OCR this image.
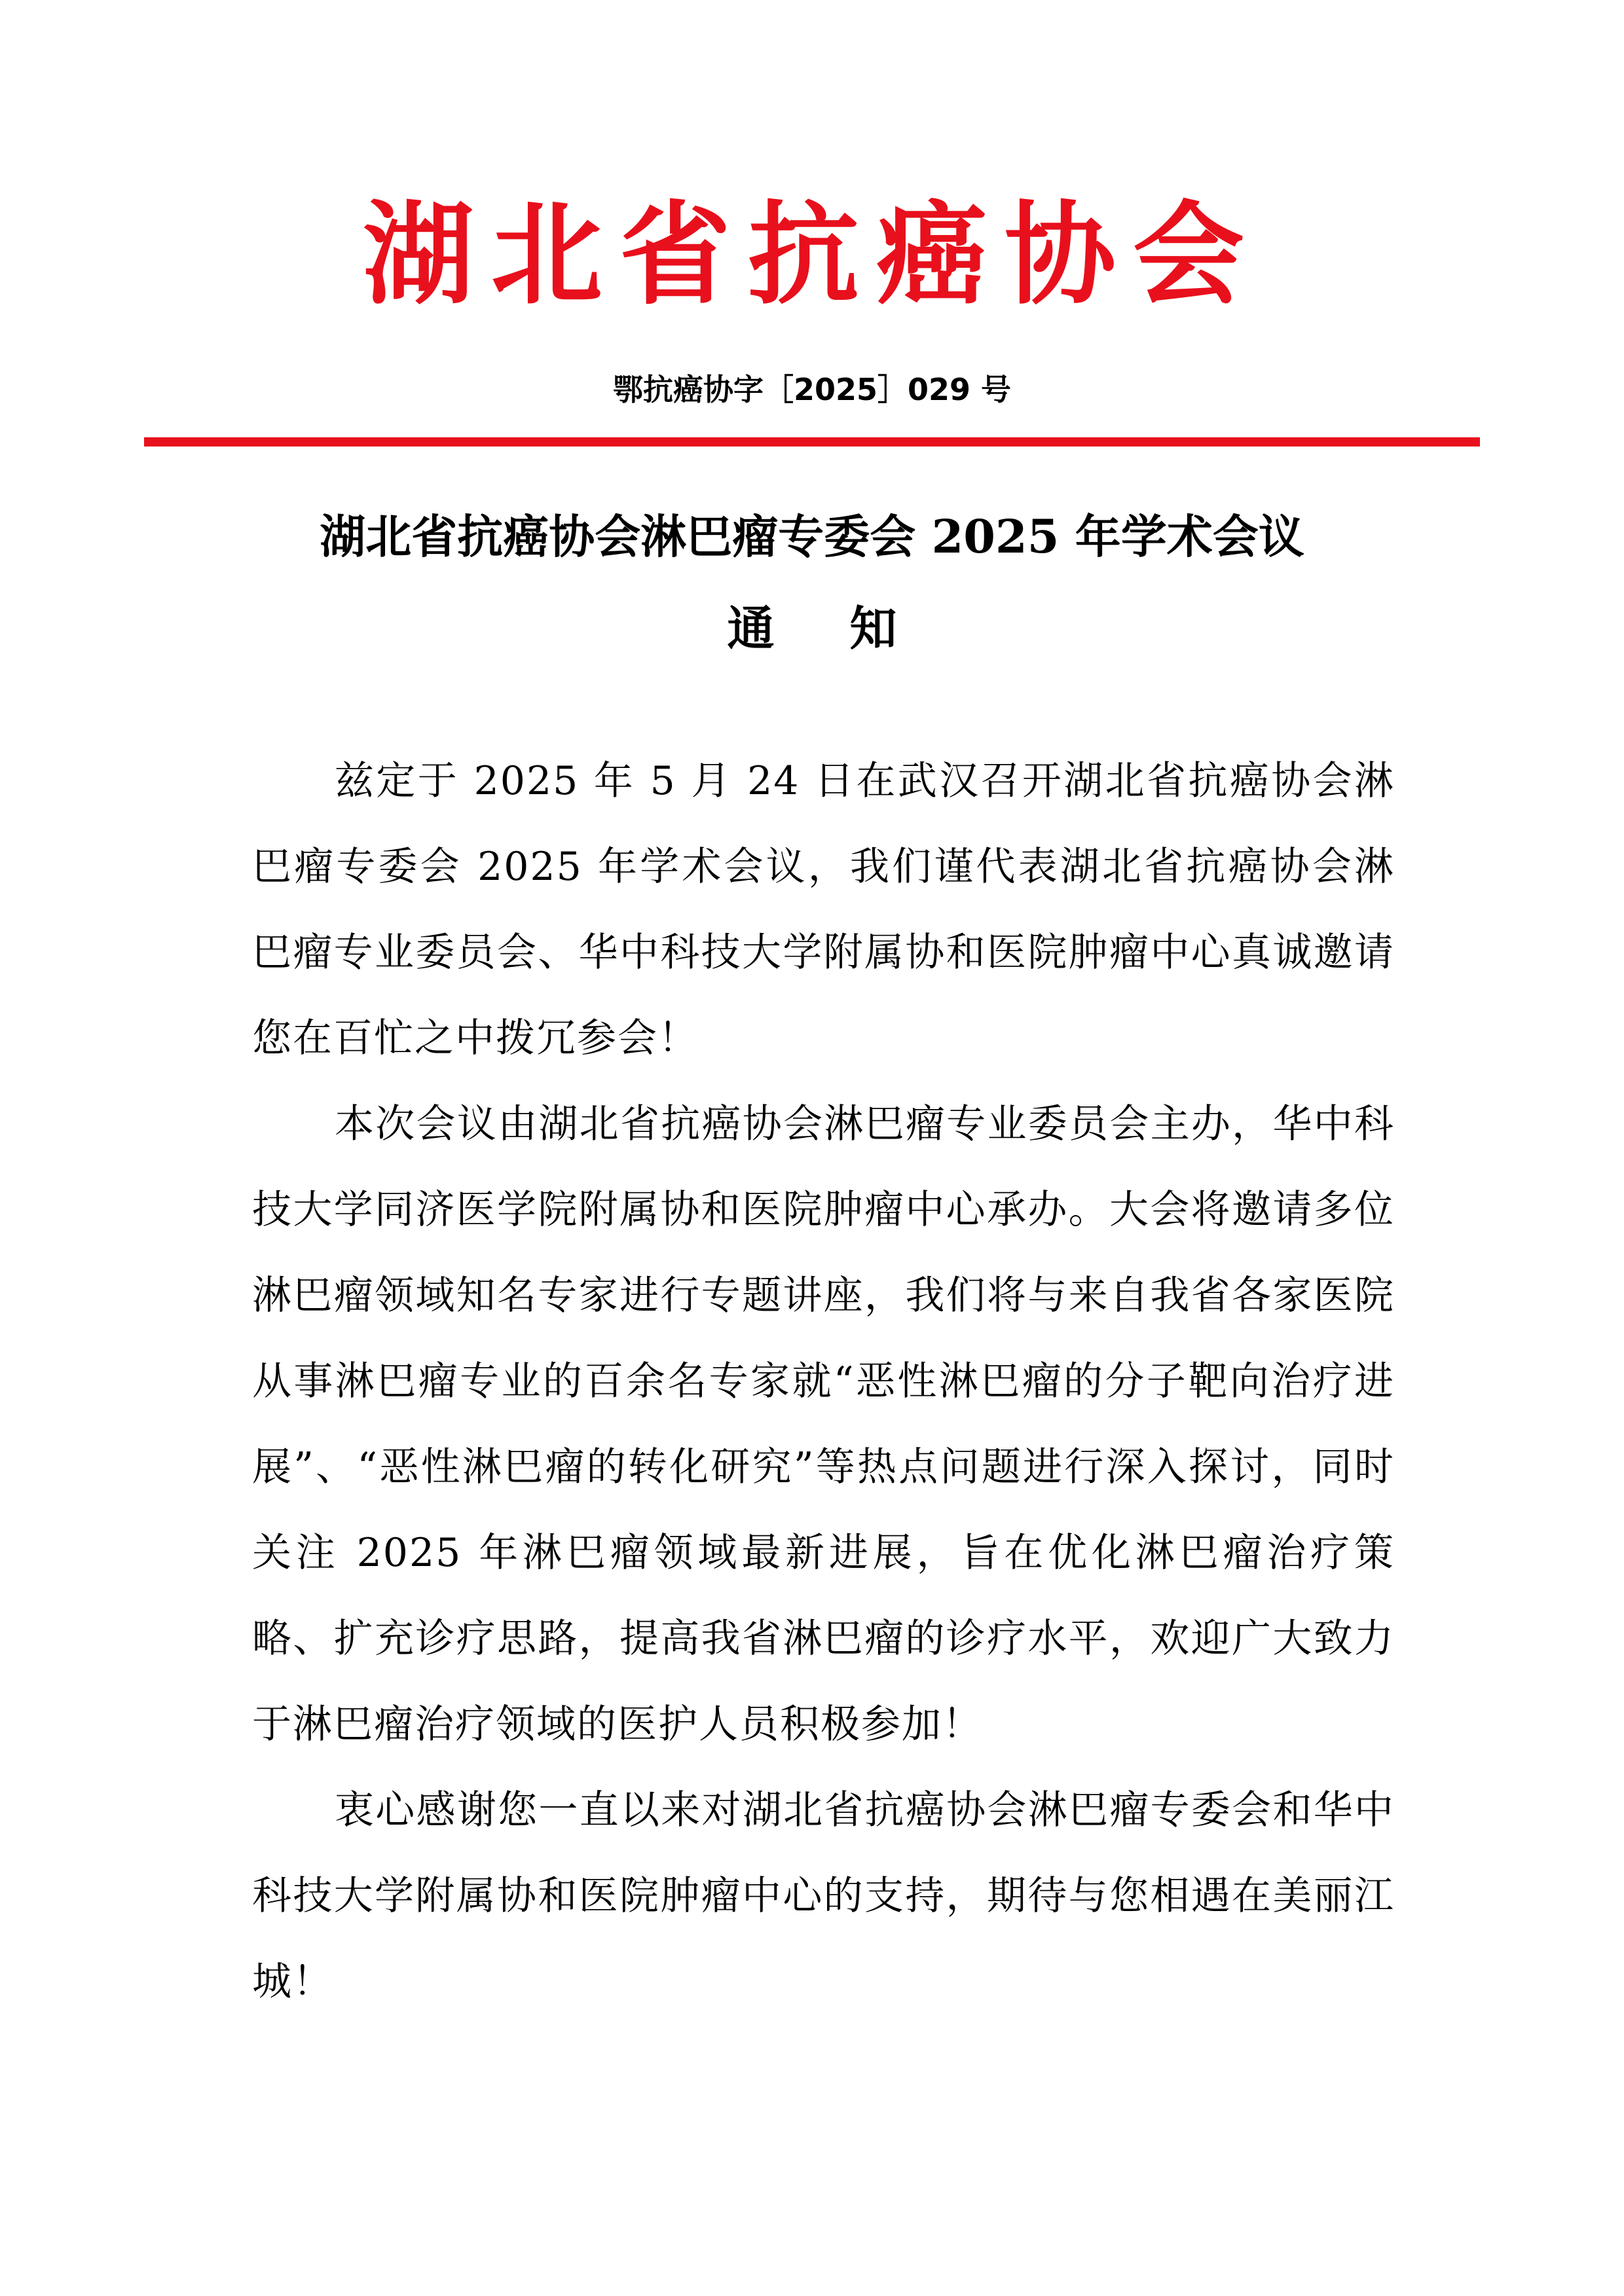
湖北省抗癌协会
鄂抗癌协字［2025］029 号
湖北省抗癌协会淋巴瘤专委会 2025 年学术会议
通 知

兹定于 2025 年 5 月 24 日在武汉召开湖北省抗癌协会淋巴瘤专委会 2025 年学术会议，我们谨代表湖北省抗癌协会淋巴瘤专业委员会、华中科技大学附属协和医院肿瘤中心真诚邀请您在百忙之中拨冗参会！

本次会议由湖北省抗癌协会淋巴瘤专业委员会主办，华中科技大学同济医学院附属协和医院肿瘤中心承办。大会将邀请多位淋巴瘤领域知名专家进行专题讲座，我们将与来自我省各家医院从事淋巴瘤专业的百余名专家就“恶性淋巴瘤的分子靶向治疗进展”、“恶性淋巴瘤的转化研究”等热点问题进行深入探讨，同时关注 2025 年淋巴瘤领域最新进展，旨在优化淋巴瘤治疗策略、扩充诊疗思路，提高我省淋巴瘤的诊疗水平，欢迎广大致力于淋巴瘤治疗领域的医护人员积极参加！

衷心感谢您一直以来对湖北省抗癌协会淋巴瘤专委会和华中科技大学附属协和医院肿瘤中心的支持，期待与您相遇在美丽江城！
